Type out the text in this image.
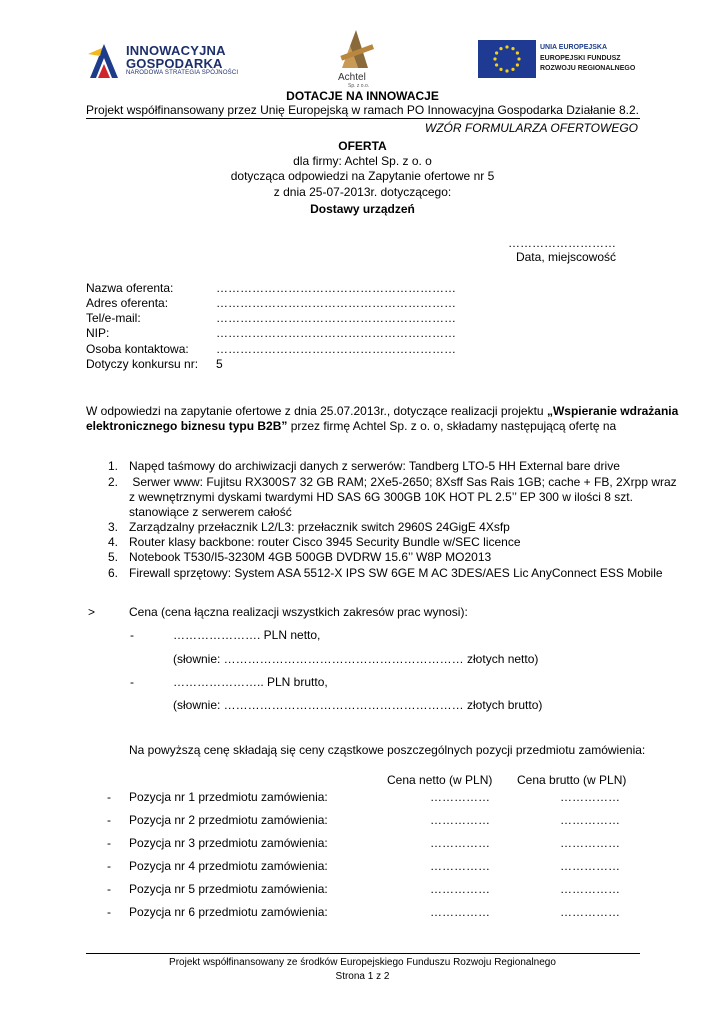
INNOWACYJNA
GOSPODARKA
NARODOWA STRATEGIA SPÓJNOŚCI	Achtel
Sp. z o.o.
UNIA EUROPEJSKA
EUROPEJSKI FUNDUSZ
ROZWOJU REGIONALNEGO
DOTACJE NA INNOWACJE
Projekt współfinansowany przez Unię Europejską w ramach PO Innowacyjna Gospodarka Działanie 8.2.
WZÓR FORMULARZA OFERTOWEGO
OFERTA
dla firmy: Achtel Sp. z o. o
dotycząca odpowiedzi na Zapytanie ofertowe nr 5
z dnia 25-07-2013r. dotyczącego:
Dostawy urządzeń
………………………
Data, miejscowość
Nazwa oferenta:	……………………………………………………
Adres oferenta:	……………………………………………………
Tel/e-mail:	……………………………………………………
NIP:	……………………………………………………
Osoba kontaktowa: ……………………………………………………
Dotyczy konkursu nr: 5
W odpowiedzi na zapytanie ofertowe z dnia 25.07.2013r., dotyczące realizacji projektu „Wspieranie wdrażania
elektronicznego biznesu typu B2B” przez firmę Achtel Sp. z o. o, składamy następującą ofertę na
1. Napęd taśmowy do archiwizacji danych z serwerów: Tandberg LTO-5 HH External bare drive
2. Serwer www: Fujitsu RX300S7 32 GB RAM; 2Xe5-2650; 8Xsff Sas Rais 1GB; cache + FB, 2Xrpp wraz
z wewnętrznymi dyskami twardymi HD SAS 6G 300GB 10K HOT PL 2.5’’ EP 300 w ilości 8 szt.
stanowiące z serwerem całość
3. Zarządzalny przełacznik L2/L3: przełacznik switch 2960S 24GigE 4Xsfp
4. Router klasy backbone: router Cisco 3945 Security Bundle w/SEC licence
5. Notebook T530/I5-3230M 4GB 500GB DVDRW 15.6’’ W8P MO2013
6. Firewall sprzętowy: System ASA 5512-X IPS SW 6GE M AC 3DES/AES Lic AnyConnect ESS Mobile
>	Cena (cena łączna realizacji wszystkich zakresów prac wynosi):
-	…………………. PLN netto,
(słownie: …………………………………………………… złotych netto)
-	………………….. PLN brutto,
(słownie: …………………………………………………… złotych brutto)
Na powyższą cenę składają się ceny cząstkowe poszczególnych pozycji przedmiotu zamówienia:
Cena netto (w PLN) Cena brutto (w PLN)
- Pozycja nr 1 przedmiotu zamówienia:	……………	……………
- Pozycja nr 2 przedmiotu zamówienia:	……………	……………
- Pozycja nr 3 przedmiotu zamówienia:	……………	……………
- Pozycja nr 4 przedmiotu zamówienia:	……………	……………
- Pozycja nr 5 przedmiotu zamówienia:	……………	……………
- Pozycja nr 6 przedmiotu zamówienia:	……………	……………
Projekt współfinansowany ze środków Europejskiego Funduszu Rozwoju Regionalnego
Strona 1 z 2
